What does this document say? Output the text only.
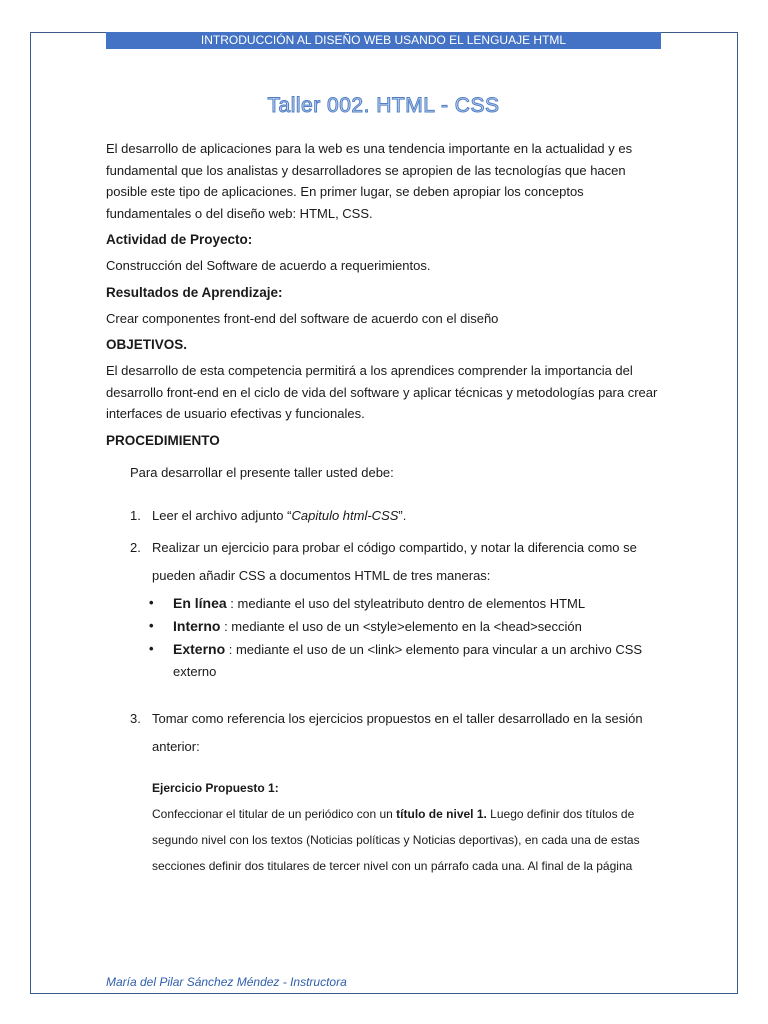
INTRODUCCIÓN AL DISEÑO WEB USANDO EL LENGUAJE HTML
Taller 002. HTML - CSS

El desarrollo de aplicaciones para la web es una tendencia importante en la actualidad y es fundamental que los analistas y desarrolladores se apropien de las tecnologías que hacen posible este tipo de aplicaciones. En primer lugar, se deben apropiar los conceptos fundamentales o del diseño web: HTML, CSS.

Actividad de Proyecto:

Construcción del Software de acuerdo a requerimientos.

Resultados de Aprendizaje:

Crear componentes front-end del software de acuerdo con el diseño

OBJETIVOS.

El desarrollo de esta competencia permitirá a los aprendices comprender la importancia del desarrollo front-end en el ciclo de vida del software y aplicar técnicas y metodologías para crear interfaces de usuario efectivas y funcionales.

PROCEDIMIENTO

Para desarrollar el presente taller usted debe:

1. Leer el archivo adjunto “Capitulo html-CSS”.
2. Realizar un ejercicio para probar el código compartido, y notar la diferencia como se pueden añadir CSS a documentos HTML de tres maneras:
• En línea : mediante el uso del styleatributo dentro de elementos HTML
• Interno : mediante el uso de un <style>elemento en la <head>sección
• Externo : mediante el uso de un <link> elemento para vincular a un archivo CSS externo
3. Tomar como referencia los ejercicios propuestos en el taller desarrollado en la sesión anterior:

Ejercicio Propuesto 1:

Confeccionar el titular de un periódico con un título de nivel 1. Luego definir dos títulos de segundo nivel con los textos (Noticias políticas y Noticias deportivas), en cada una de estas secciones definir dos titulares de tercer nivel con un párrafo cada una. Al final de la página

María del Pilar Sánchez Méndez - Instructora
